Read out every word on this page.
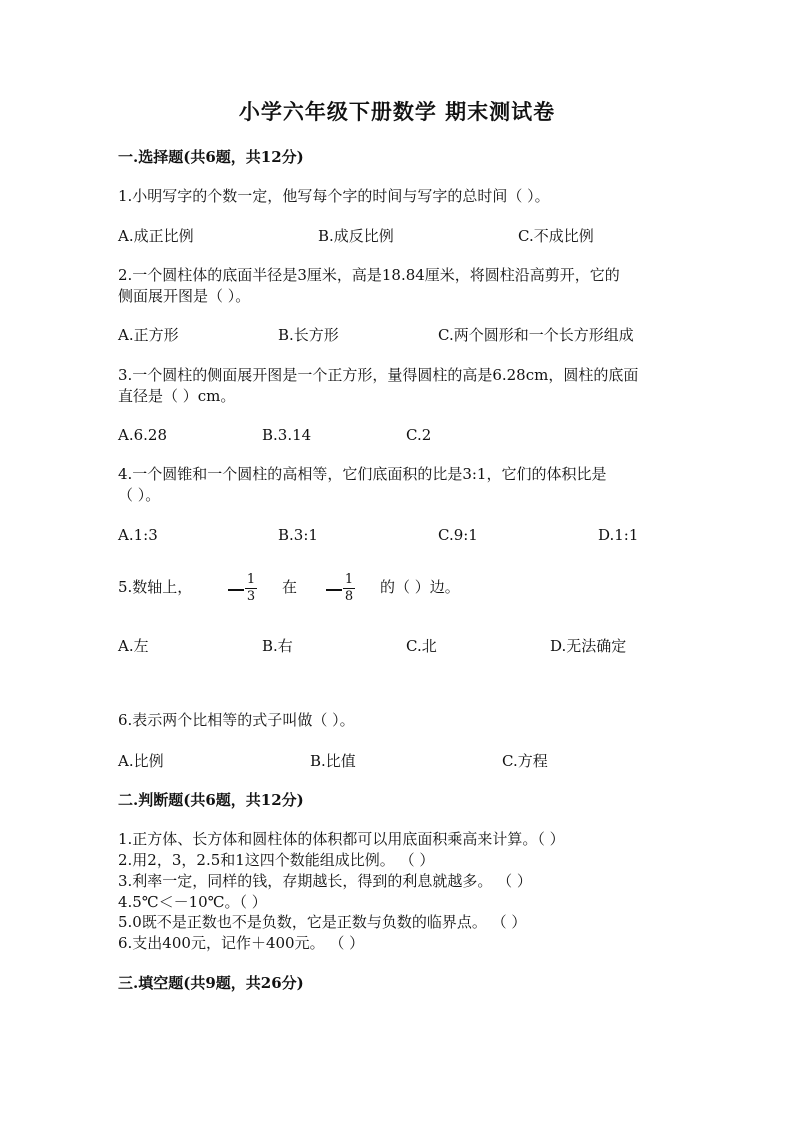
小学六年级下册数学 期末测试卷
一.选择题(共6题，共12分)
1.小明写字的个数一定，他写每个字的时间与写字的总时间（ ）。
A.成正比例	B.成反比例	C.不成比例
2.一个圆柱体的底面半径是3厘米，高是18.84厘米，将圆柱沿高剪开，它的
侧面展开图是（ ）。
A.正方形	B.长方形	C.两个圆形和一个长方形组成
3.一个圆柱的侧面展开图是一个正方形，量得圆柱的高是6.28cm，圆柱的底面
直径是（ ）cm。
A.6.28	B.3.14	C.2
4.一个圆锥和一个圆柱的高相等，它们底面积的比是3:1，它们的体积比是
（ ）。
A.1:3	B.3:1	C.9:1	D.1:1
5.数轴上，	1
3
在	1
8
的（ ）边。
A.左	B.右	C.北	D.无法确定
6.表示两个比相等的式子叫做（ ）。
A.比例	B.比值	C.方程
二.判断题(共6题，共12分)
1.正方体、长方体和圆柱体的体积都可以用底面积乘高来计算。（ ）
2.用2，3，2.5和1这四个数能组成比例。 （ ）
3.利率一定，同样的钱，存期越长，得到的利息就越多。 （ ）
4.5℃＜－10℃。（ ）
5.0既不是正数也不是负数，它是正数与负数的临界点。 （ ）
6.支出400元，记作＋400元。 （ ）
三.填空题(共9题，共26分)
